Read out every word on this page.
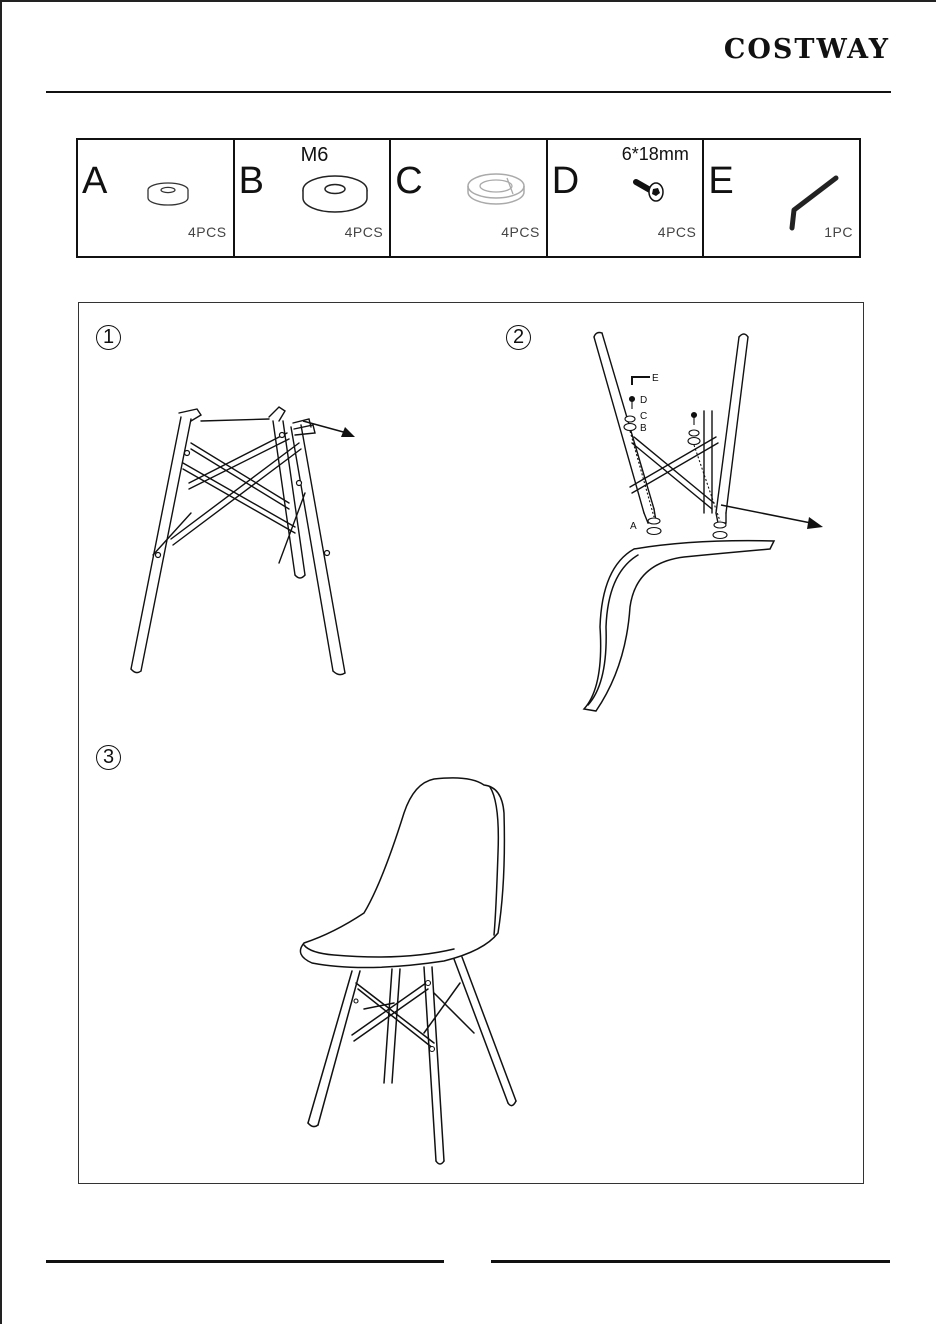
COSTWAY
A
4PCS
B
M6
4PCS
C
4PCS
D
6*18mm
4PCS
E
1PC
1	2
3
E
D
C
B
A
